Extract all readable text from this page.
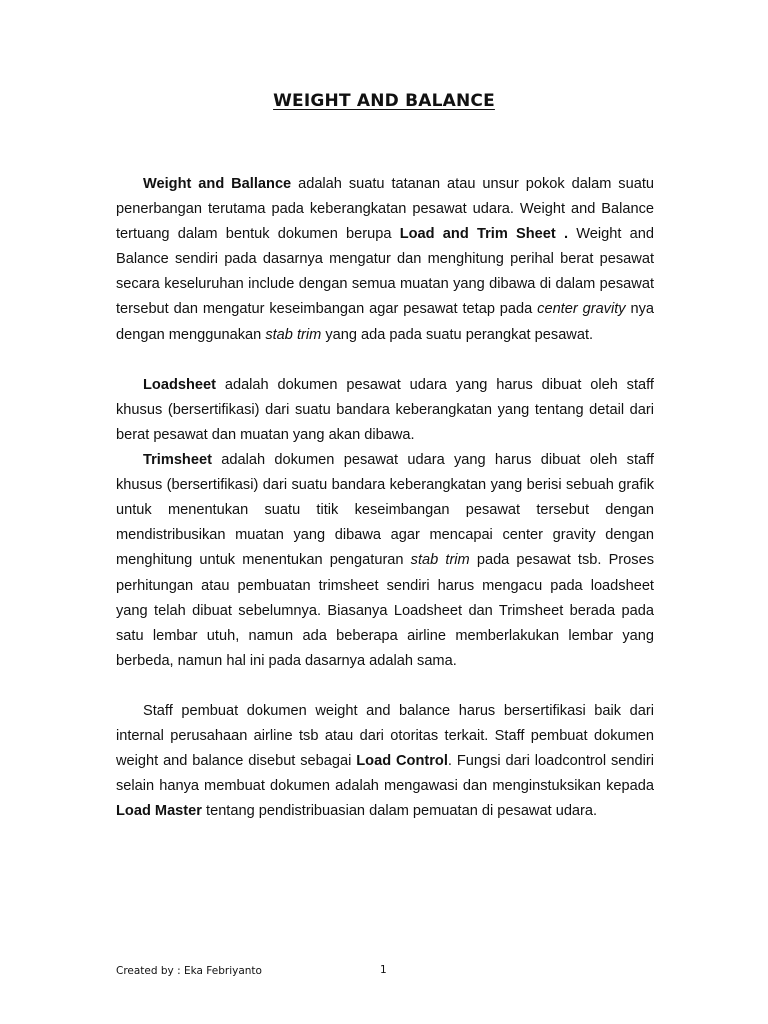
WEIGHT AND BALANCE

Weight and Ballance adalah suatu tatanan atau unsur pokok dalam suatu penerbangan terutama pada keberangkatan pesawat udara. Weight and Balance tertuang dalam bentuk dokumen berupa Load and Trim Sheet . Weight and Balance sendiri pada dasarnya mengatur dan menghitung perihal berat pesawat secara keseluruhan include dengan semua muatan yang dibawa di dalam pesawat tersebut dan mengatur keseimbangan agar pesawat tetap pada center gravity nya dengan menggunakan stab trim yang ada pada suatu perangkat pesawat.

Loadsheet adalah dokumen pesawat udara yang harus dibuat oleh staff khusus (bersertifikasi) dari suatu bandara keberangkatan yang tentang detail dari berat pesawat dan muatan yang akan dibawa.

Trimsheet adalah dokumen pesawat udara yang harus dibuat oleh staff khusus (bersertifikasi) dari suatu bandara keberangkatan yang berisi sebuah grafik untuk menentukan suatu titik keseimbangan pesawat tersebut dengan mendistribusikan muatan yang dibawa agar mencapai center gravity dengan menghitung untuk menentukan pengaturan stab trim pada pesawat tsb. Proses perhitungan atau pembuatan trimsheet sendiri harus mengacu pada loadsheet yang telah dibuat sebelumnya. Biasanya Loadsheet dan Trimsheet berada pada satu lembar utuh, namun ada beberapa airline memberlakukan lembar yang berbeda, namun hal ini pada dasarnya adalah sama.

Staff pembuat dokumen weight and balance harus bersertifikasi baik dari internal perusahaan airline tsb atau dari otoritas terkait. Staff pembuat dokumen weight and balance disebut sebagai Load Control. Fungsi dari loadcontrol sendiri selain hanya membuat dokumen adalah mengawasi dan menginstuksikan kepada Load Master tentang pendistribuasian dalam pemuatan di pesawat udara.

Created by : Eka Febriyanto	1
